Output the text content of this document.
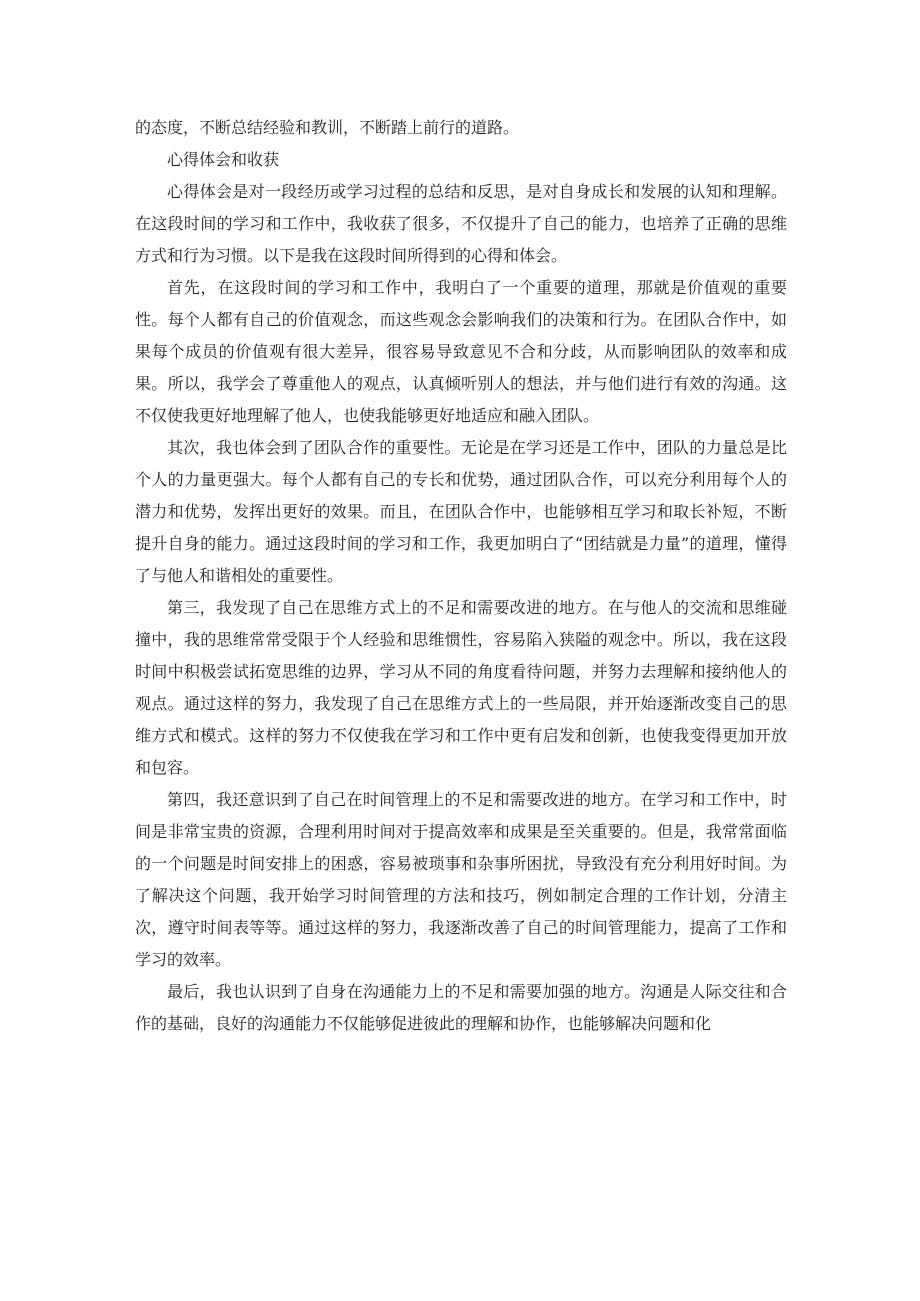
的态度，不断总结经验和教训，不断踏上前行的道路。

心得体会和收获

心得体会是对一段经历或学习过程的总结和反思，是对自身成长和发展的认知和理解。在这段时间的学习和工作中，我收获了很多，不仅提升了自己的能力，也培养了正确的思维方式和行为习惯。以下是我在这段时间所得到的心得和体会。

首先，在这段时间的学习和工作中，我明白了一个重要的道理，那就是价值观的重要性。每个人都有自己的价值观念，而这些观念会影响我们的决策和行为。在团队合作中，如果每个成员的价值观有很大差异，很容易导致意见不合和分歧，从而影响团队的效率和成果。所以，我学会了尊重他人的观点，认真倾听别人的想法，并与他们进行有效的沟通。这不仅使我更好地理解了他人，也使我能够更好地适应和融入团队。

其次，我也体会到了团队合作的重要性。无论是在学习还是工作中，团队的力量总是比个人的力量更强大。每个人都有自己的专长和优势，通过团队合作，可以充分利用每个人的潜力和优势，发挥出更好的效果。而且，在团队合作中，也能够相互学习和取长补短，不断提升自身的能力。通过这段时间的学习和工作，我更加明白了“团结就是力量”的道理，懂得了与他人和谐相处的重要性。

第三，我发现了自己在思维方式上的不足和需要改进的地方。在与他人的交流和思维碰撞中，我的思维常常受限于个人经验和思维惯性，容易陷入狭隘的观念中。所以，我在这段时间中积极尝试拓宽思维的边界，学习从不同的角度看待问题，并努力去理解和接纳他人的观点。通过这样的努力，我发现了自己在思维方式上的一些局限，并开始逐渐改变自己的思维方式和模式。这样的努力不仅使我在学习和工作中更有启发和创新，也使我变得更加开放和包容。

第四，我还意识到了自己在时间管理上的不足和需要改进的地方。在学习和工作中，时间是非常宝贵的资源，合理利用时间对于提高效率和成果是至关重要的。但是，我常常面临的一个问题是时间安排上的困惑，容易被琐事和杂事所困扰，导致没有充分利用好时间。为了解决这个问题，我开始学习时间管理的方法和技巧，例如制定合理的工作计划，分清主次，遵守时间表等等。通过这样的努力，我逐渐改善了自己的时间管理能力，提高了工作和学习的效率。

最后，我也认识到了自身在沟通能力上的不足和需要加强的地方。沟通是人际交往和合作的基础，良好的沟通能力不仅能够促进彼此的理解和协作，也能够解决问题和化
